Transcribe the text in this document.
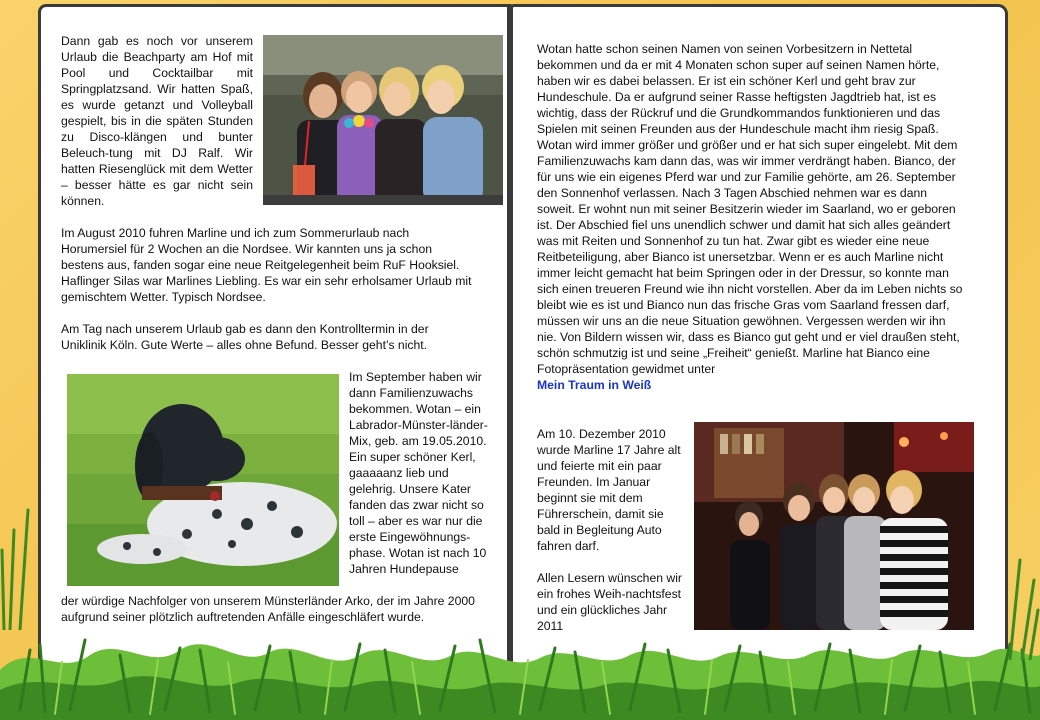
Dann gab es noch vor unserem Urlaub die Beachparty am Hof mit Pool und Cocktailbar mit Springplatzsand. Wir hatten Spaß, es wurde getanzt und Volleyball gespielt, bis in die späten Stunden zu Disco-klängen und bunter Beleuch-tung mit DJ Ralf. Wir hatten Riesenglück mit dem Wetter – besser hätte es gar nicht sein können.

Im August 2010 fuhren Marline und ich zum Sommerurlaub nach Horumersiel für 2 Wochen an die Nordsee. Wir kannten uns ja schon bestens aus, fanden sogar eine neue Reitgelegenheit beim RuF Hooksiel. Haflinger Silas war Marlines Liebling. Es war ein sehr erholsamer Urlaub mit gemischtem Wetter. Typisch Nordsee.

Am Tag nach unserem Urlaub gab es dann den Kontrolltermin in der Uniklinik Köln. Gute Werte – alles ohne Befund. Besser geht’s nicht.

Im September haben wir dann Familienzuwachs bekommen. Wotan – ein Labrador-Münster-länder-Mix, geb. am 19.05.2010. Ein super schöner Kerl, gaaaaanz lieb und gelehrig. Unsere Kater fanden das zwar nicht so toll – aber es war nur die erste Eingewöhnungs-phase. Wotan ist nach 10 Jahren Hundepause

der würdige Nachfolger von unserem Münsterländer Arko, der im Jahre 2000 aufgrund seiner plötzlich auftretenden Anfälle eingeschläfert wurde.

Wotan hatte schon seinen Namen von seinen Vorbesitzern in Nettetal bekommen und da er mit 4 Monaten schon super auf seinen Namen hörte, haben wir es dabei belassen. Er ist ein schöner Kerl und geht brav zur Hundeschule. Da er aufgrund seiner Rasse heftigsten Jagdtrieb hat, ist es wichtig, dass der Rückruf und die Grundkommandos funktionieren und das Spielen mit seinen Freunden aus der Hundeschule macht ihm riesig Spaß. Wotan wird immer größer und größer und er hat sich super eingelebt. Mit dem Familienzuwachs kam dann das, was wir immer verdrängt haben. Bianco, der für uns wie ein eigenes Pferd war und zur Familie gehörte, am 26. September den Sonnenhof verlassen. Nach 3 Tagen Abschied nehmen war es dann soweit. Er wohnt nun mit seiner Besitzerin wieder im Saarland, wo er geboren ist. Der Abschied fiel uns unendlich schwer und damit hat sich alles geändert was mit Reiten und Sonnenhof zu tun hat. Zwar gibt es wieder eine neue Reitbeteiligung, aber Bianco ist unersetzbar. Wenn er es auch Marline nicht immer leicht gemacht hat beim Springen oder in der Dressur, so konnte man sich einen treueren Freund wie ihn nicht vorstellen. Aber da im Leben nichts so bleibt wie es ist und Bianco nun das frische Gras vom Saarland fressen darf, müssen wir uns an die neue Situation gewöhnen. Vergessen werden wir ihn nie. Von Bildern wissen wir, dass es Bianco gut geht und er viel draußen steht, schön schmutzig ist und seine „Freiheit“ genießt. Marline hat Bianco eine Fotopräsentation gewidmet unter

Mein Traum in Weiß

Am 10. Dezember 2010 wurde Marline 17 Jahre alt und feierte mit ein paar Freunden. Im Januar beginnt sie mit dem Führerschein, damit sie bald in Begleitung Auto fahren darf.

Allen Lesern wünschen wir ein frohes Weih-nachtsfest und ein glückliches Jahr 2011
